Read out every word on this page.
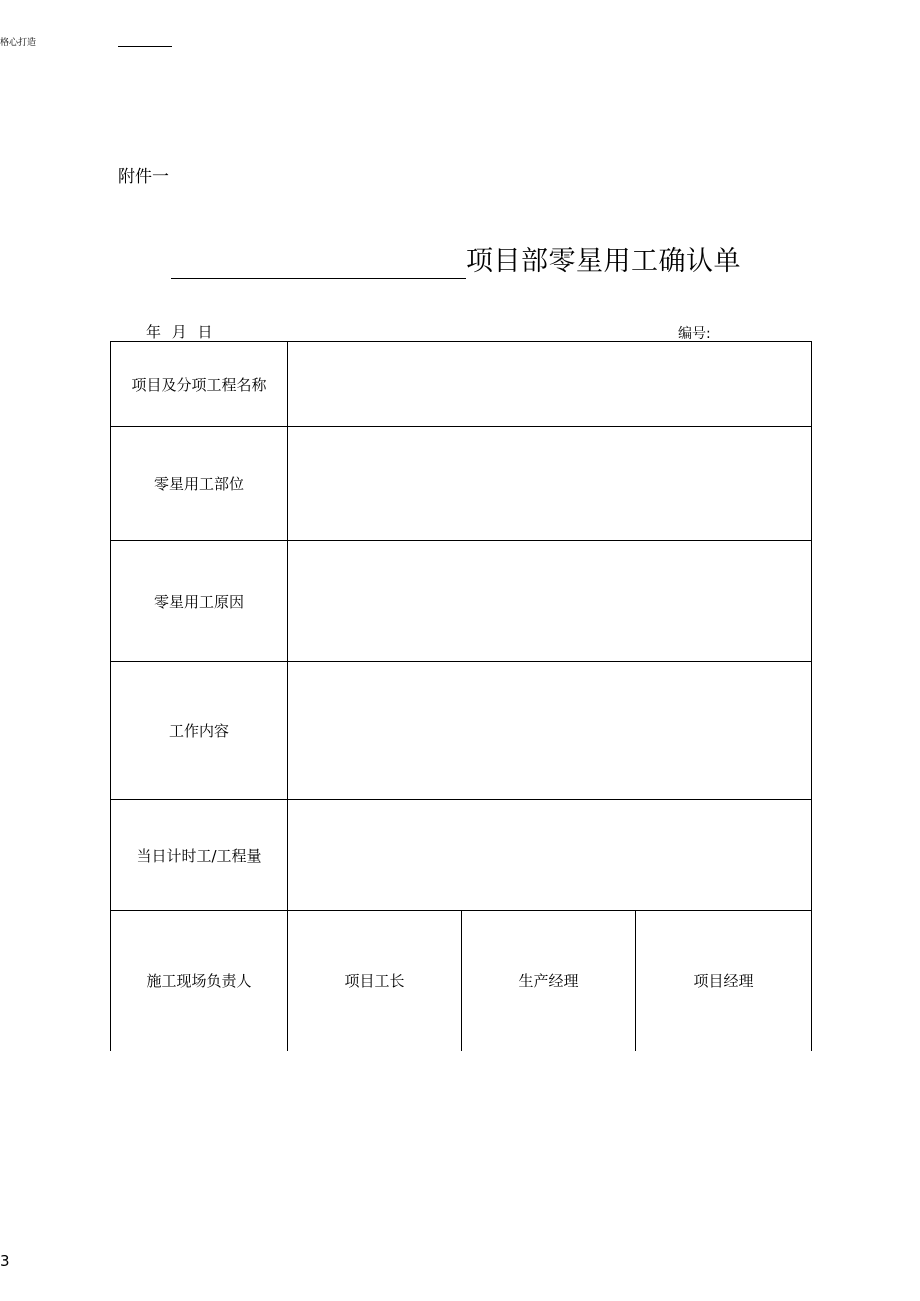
格心打造
附件一
项目部零星用工确认单
年 月 日	编号:
项目及分项工程名称			
零星用工部位			
零星用工原因			
工作内容			
当日计时工/工程量			
施工现场负责人	项目工长	生产经理	项目经理
3
